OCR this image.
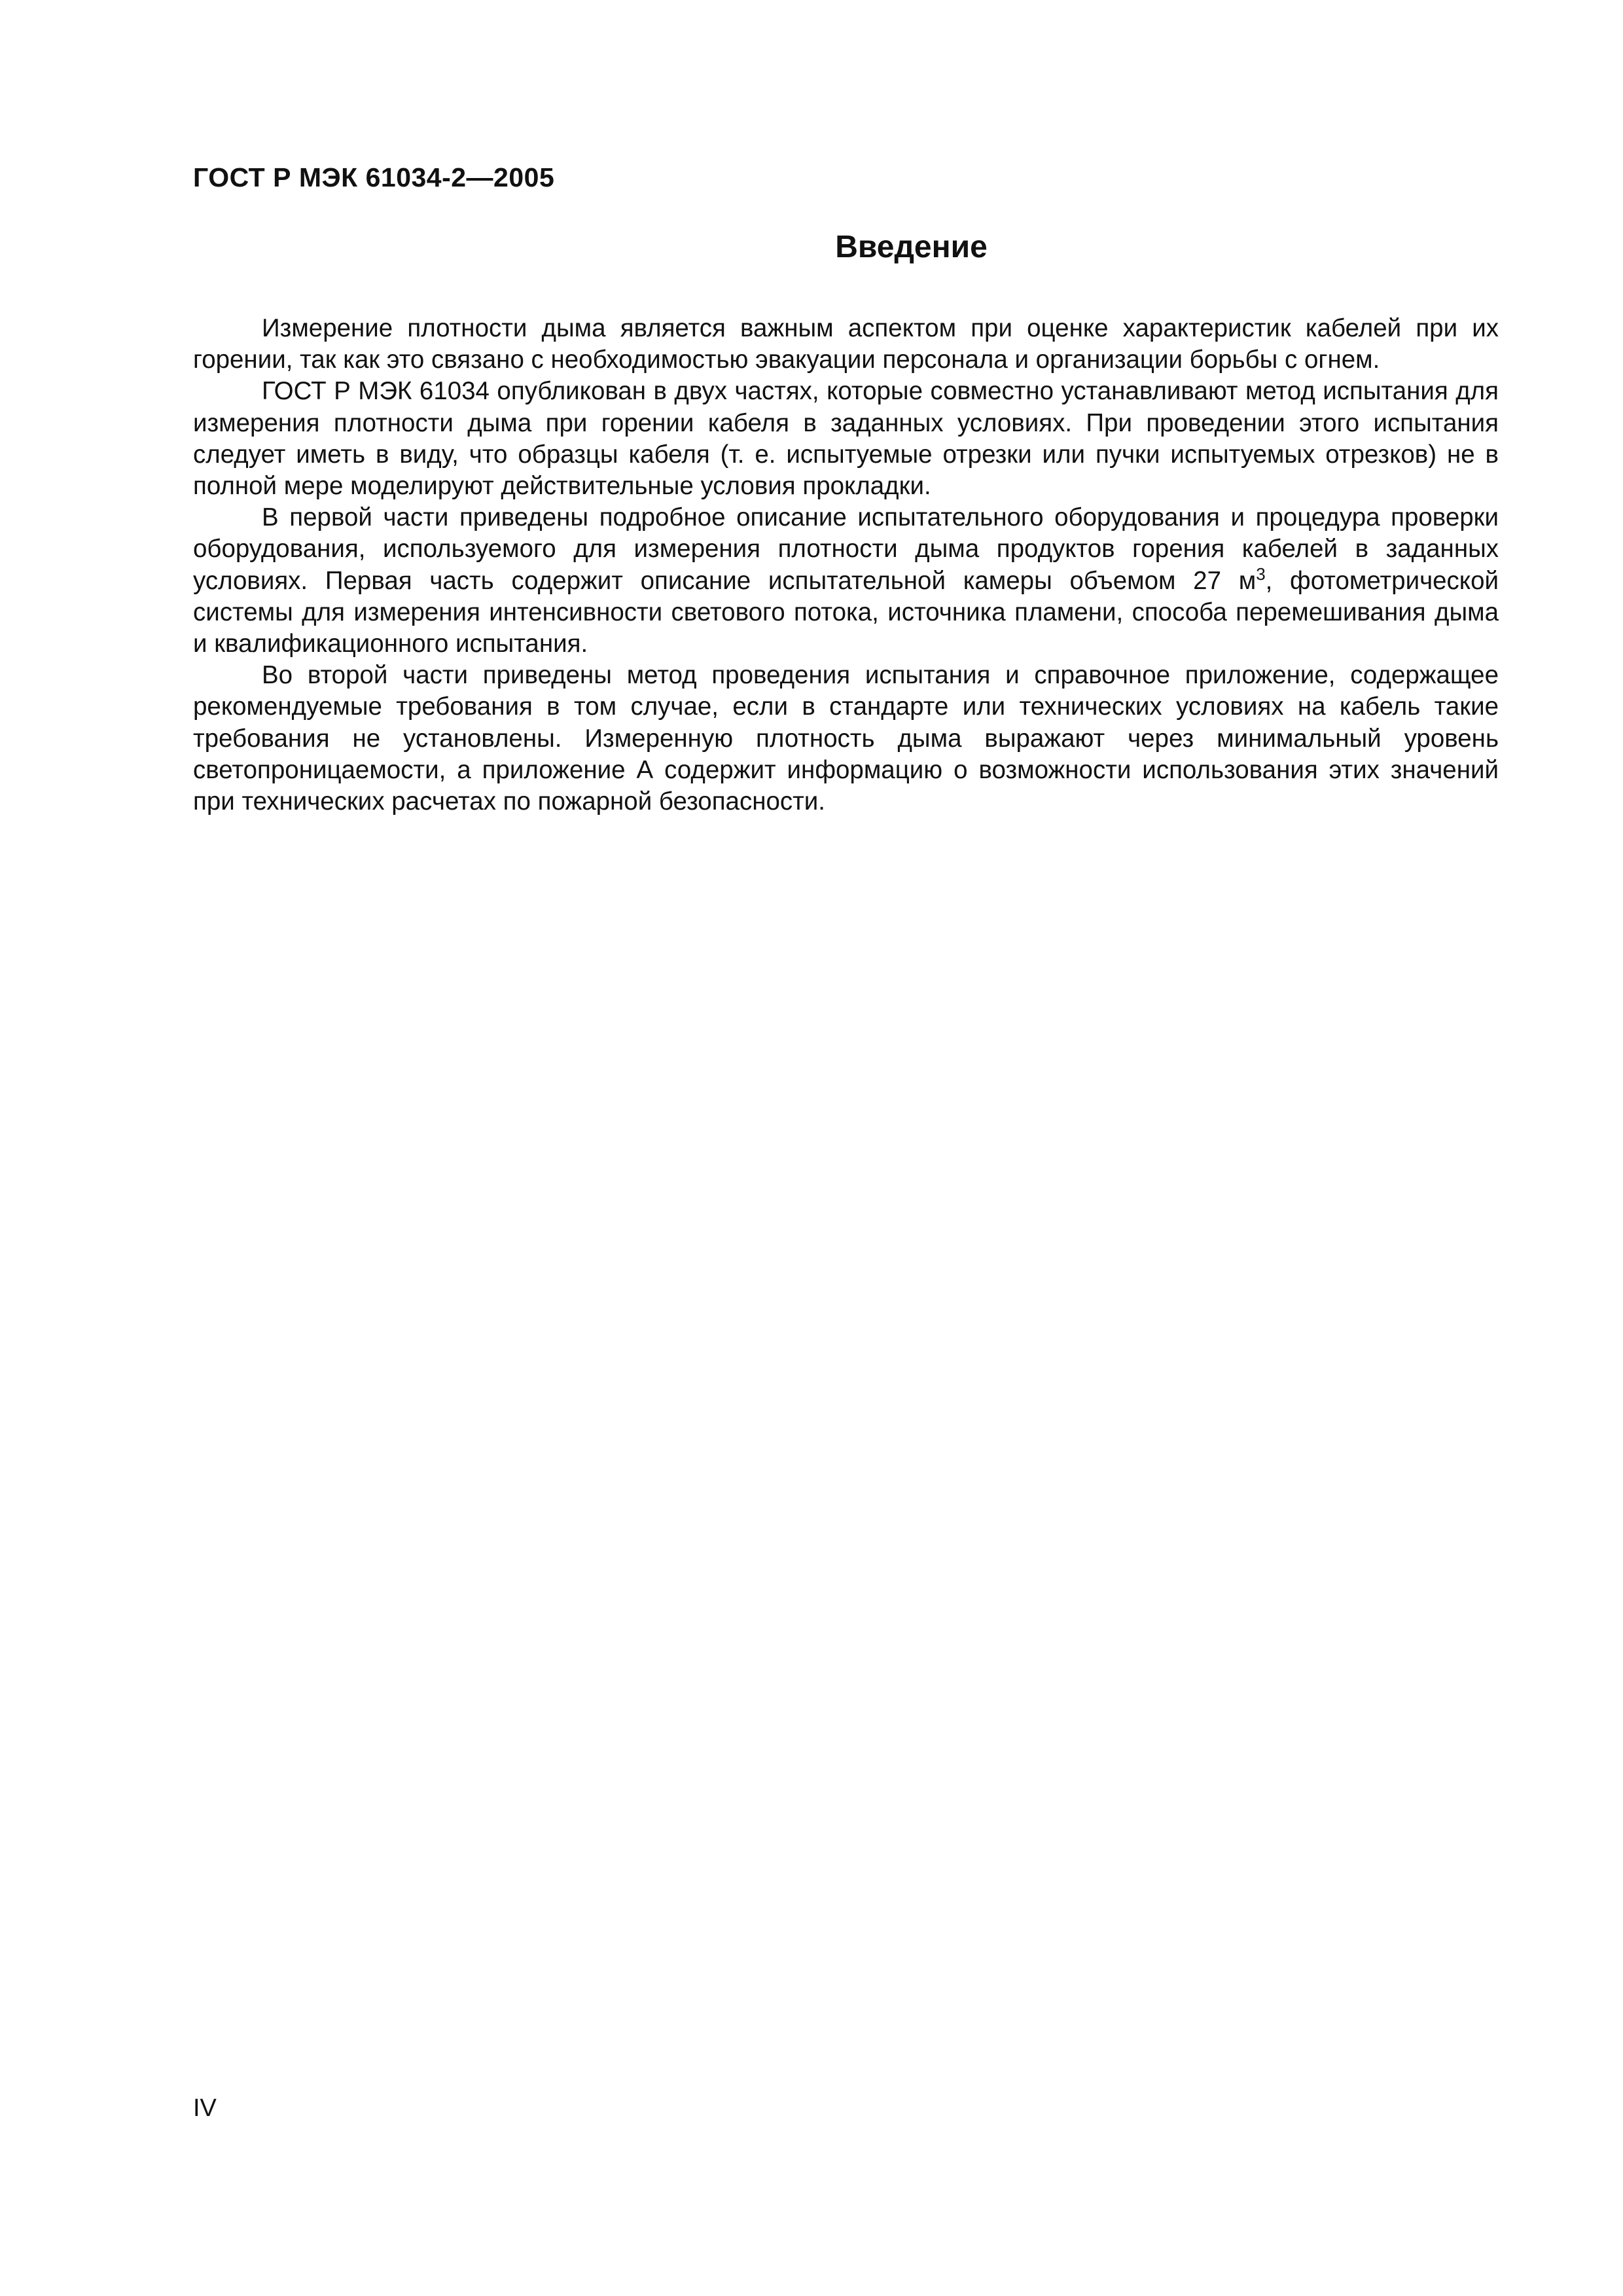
ГОСТ Р МЭК 61034-2—2005
Введение

Измерение плотности дыма является важным аспектом при оценке характеристик кабелей при их горении, так как это связано с необходимостью эвакуации персонала и организации борьбы с огнем.

ГОСТ Р МЭК 61034 опубликован в двух частях, которые совместно устанавливают метод испытания для измерения плотности дыма при горении кабеля в заданных условиях. При проведении этого испытания следует иметь в виду, что образцы кабеля (т. е. испытуемые отрезки или пучки испытуемых отрезков) не в полной мере моделируют действительные условия прокладки.

В первой части приведены подробное описание испытательного оборудования и процедура проверки оборудования, используемого для измерения плотности дыма продуктов горения кабелей в заданных условиях. Первая часть содержит описание испытательной камеры объемом 27 $м^3$, фотометрической системы для измерения интенсивности светового потока, источника пламени, способа перемешивания дыма и квалификационного испытания.

Во второй части приведены метод проведения испытания и справочное приложение, содержащее рекомендуемые требования в том случае, если в стандарте или технических условиях на кабель такие требования не установлены. Измеренную плотность дыма выражают через минимальный уровень светопроницаемости, а приложение А содержит информацию о возможности использования этих значений при технических расчетах по пожарной безопасности.

IV
